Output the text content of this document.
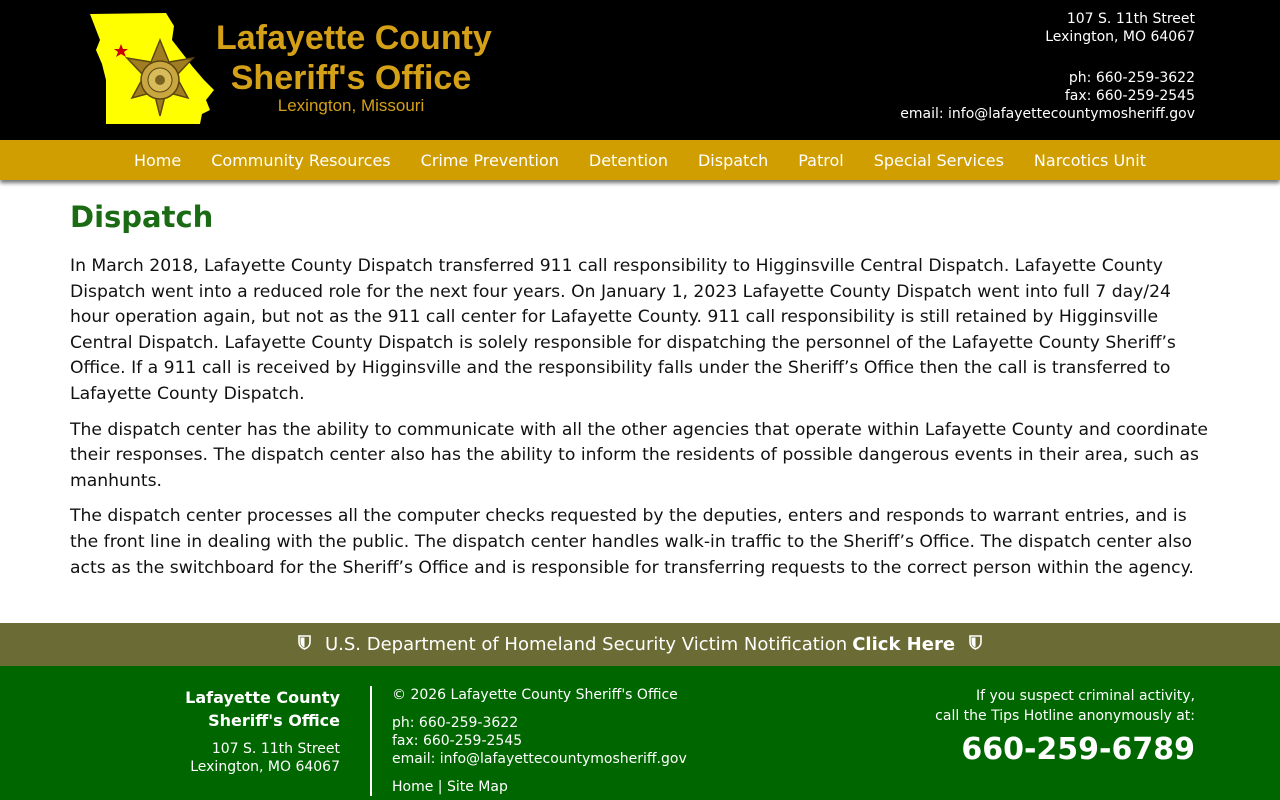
Lafayette County
Sheriff's Office
Lexington, Missouri
107 S. 11th Street
Lexington, MO 64067
ph: 660-259-3622
fax: 660-259-2545
email: info@lafayettecountymosheriff.gov
Home	Community Resources	Crime Prevention	Detention	Dispatch	Patrol	Special Services	Narcotics Unit
Dispatch

In March 2018, Lafayette County Dispatch transferred 911 call responsibility to Higginsville Central Dispatch. Lafayette County Dispatch went into a reduced role for the next four years. On January 1, 2023 Lafayette County Dispatch went into full 7 day/24 hour operation again, but not as the 911 call center for Lafayette County. 911 call responsibility is still retained by Higginsville Central Dispatch. Lafayette County Dispatch is solely responsible for dispatching the personnel of the Lafayette County Sheriff’s Office. If a 911 call is received by Higginsville and the responsibility falls under the Sheriff’s Office then the call is transferred to Lafayette County Dispatch.

The dispatch center has the ability to communicate with all the other agencies that operate within Lafayette County and coordinate their responses. The dispatch center also has the ability to inform the residents of possible dangerous events in their area, such as manhunts.

The dispatch center processes all the computer checks requested by the deputies, enters and responds to warrant entries, and is the front line in dealing with the public. The dispatch center handles walk-in traffic to the Sheriff’s Office. The dispatch center also acts as the switchboard for the Sheriff’s Office and is responsible for transferring requests to the correct person within the agency.

U.S. Department of Homeland Security Victim Notification Click Here
Lafayette County
Sheriff's Office
107 S. 11th Street
Lexington, MO 64067
© 2026 Lafayette County Sheriff's Office
ph: 660-259-3622
fax: 660-259-2545
email: info@lafayettecountymosheriff.gov
Home | Site Map
If you suspect criminal activity,
call the Tips Hotline anonymously at:
660-259-6789
